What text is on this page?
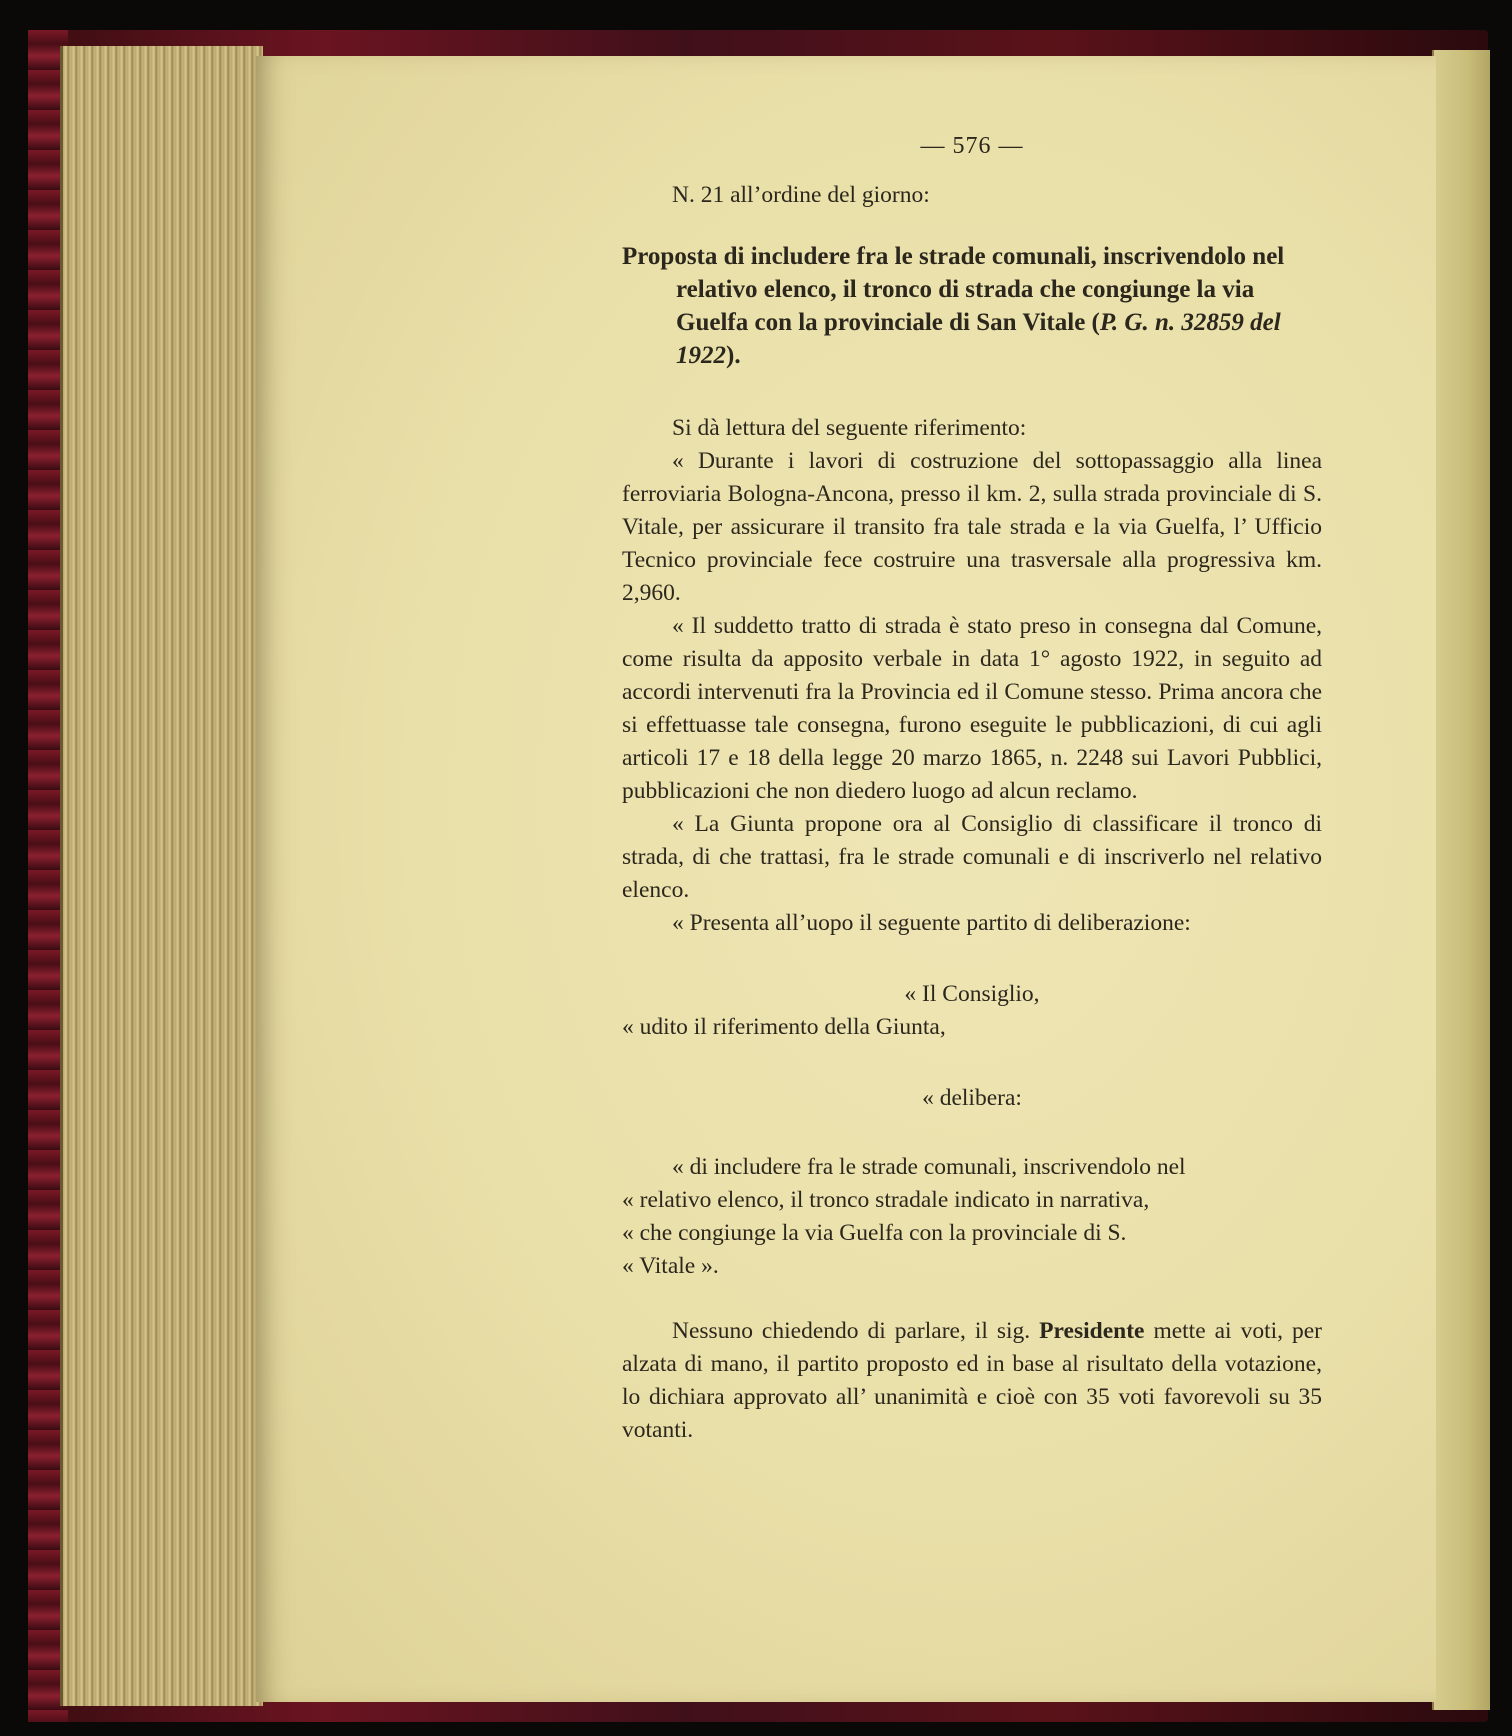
— 576 —

N. 21 all’ordine del giorno:

Proposta di includere fra le strade comunali, inscrivendolo nel relativo elenco, il tronco di strada che congiunge la via Guelfa con la provinciale di San Vitale (P. G. n. 32859 del 1922).

Si dà lettura del seguente riferimento:

« Durante i lavori di costruzione del sottopassaggio alla linea ferroviaria Bologna-Ancona, presso il km. 2, sulla strada provinciale di S. Vitale, per assicurare il transito fra tale strada e la via Guelfa, l’ Ufficio Tecnico provinciale fece costruire una trasversale alla progressiva km. 2,960.

« Il suddetto tratto di strada è stato preso in consegna dal Comune, come risulta da apposito verbale in data 1° agosto 1922, in seguito ad accordi intervenuti fra la Provincia ed il Comune stesso. Prima ancora che si effettuasse tale consegna, furono eseguite le pubblicazioni, di cui agli articoli 17 e 18 della legge 20 marzo 1865, n. 2248 sui Lavori Pubblici, pubblicazioni che non diedero luogo ad alcun reclamo.

« La Giunta propone ora al Consiglio di classificare il tronco di strada, di che trattasi, fra le strade comunali e di inscriverlo nel relativo elenco.

« Presenta all’uopo il seguente partito di deliberazione:

« Il Consiglio,

« udito il riferimento della Giunta,

« delibera:

« di includere fra le strade comunali, inscrivendolo nel

« relativo elenco, il tronco stradale indicato in narrativa,

« che congiunge la via Guelfa con la provinciale di S.

« Vitale ».

Nessuno chiedendo di parlare, il sig. Presidente mette ai voti, per alzata di mano, il partito proposto ed in base al risultato della votazione, lo dichiara approvato all’ unanimità e cioè con 35 voti favorevoli su 35 votanti.
